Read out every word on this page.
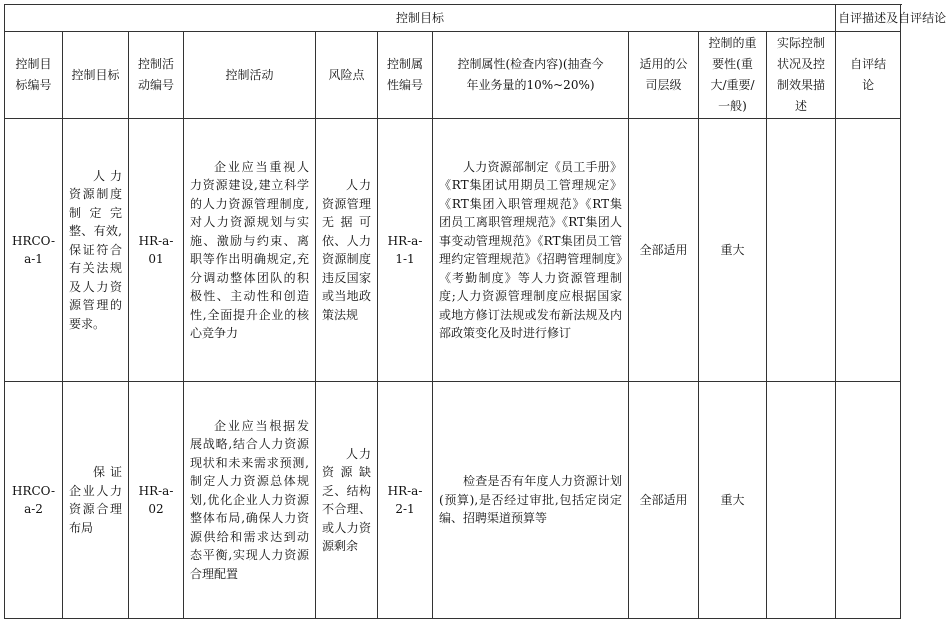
控制目标										自评描述及自评结论
控制目标编号	控制目标	控制活动编号	控制活动	风险点	控制属性编号	控制属性(检查内容)(抽查今年业务量的10%~20%)	适用的公司层级	控制的重要性(重大/重要/一般)	实际控制状况及控制效果描述	自评结论
HRCO-a-1	人力资源制度制定完整、有效,保证符合有关法规及人力资源管理的要求。	HR-a-01	企业应当重视人力资源建设,建立科学的人力资源管理制度,对人力资源规划与实施、激励与约束、离职等作出明确规定,充分调动整体团队的积极性、主动性和创造性,全面提升企业的核心竞争力	人力资源管理无据可依、人力资源制度违反国家或当地政策法规	HR-a-1-1	人力资源部制定《员工手册》《RT集团试用期员工管理规定》《RT集团入职管理规范》《RT集团员工离职管理规范》《RT集团人事变动管理规范》《RT集团员工管理约定管理规范》《招聘管理制度》《考勤制度》等人力资源管理制度;人力资源管理制度应根据国家或地方修订法规或发布新法规及内部政策变化及时进行修订	全部适用	重大		
HRCO-a-2	保证企业人力资源合理布局	HR-a-02	企业应当根据发展战略,结合人力资源现状和未来需求预测,制定人力资源总体规划,优化企业人力资源整体布局,确保人力资源供给和需求达到动态平衡,实现人力资源合理配置	人力资源缺乏、结构不合理、或人力资源剩余	HR-a-2-1	检查是否有年度人力资源计划(预算),是否经过审批,包括定岗定编、招聘渠道预算等	全部适用	重大		
